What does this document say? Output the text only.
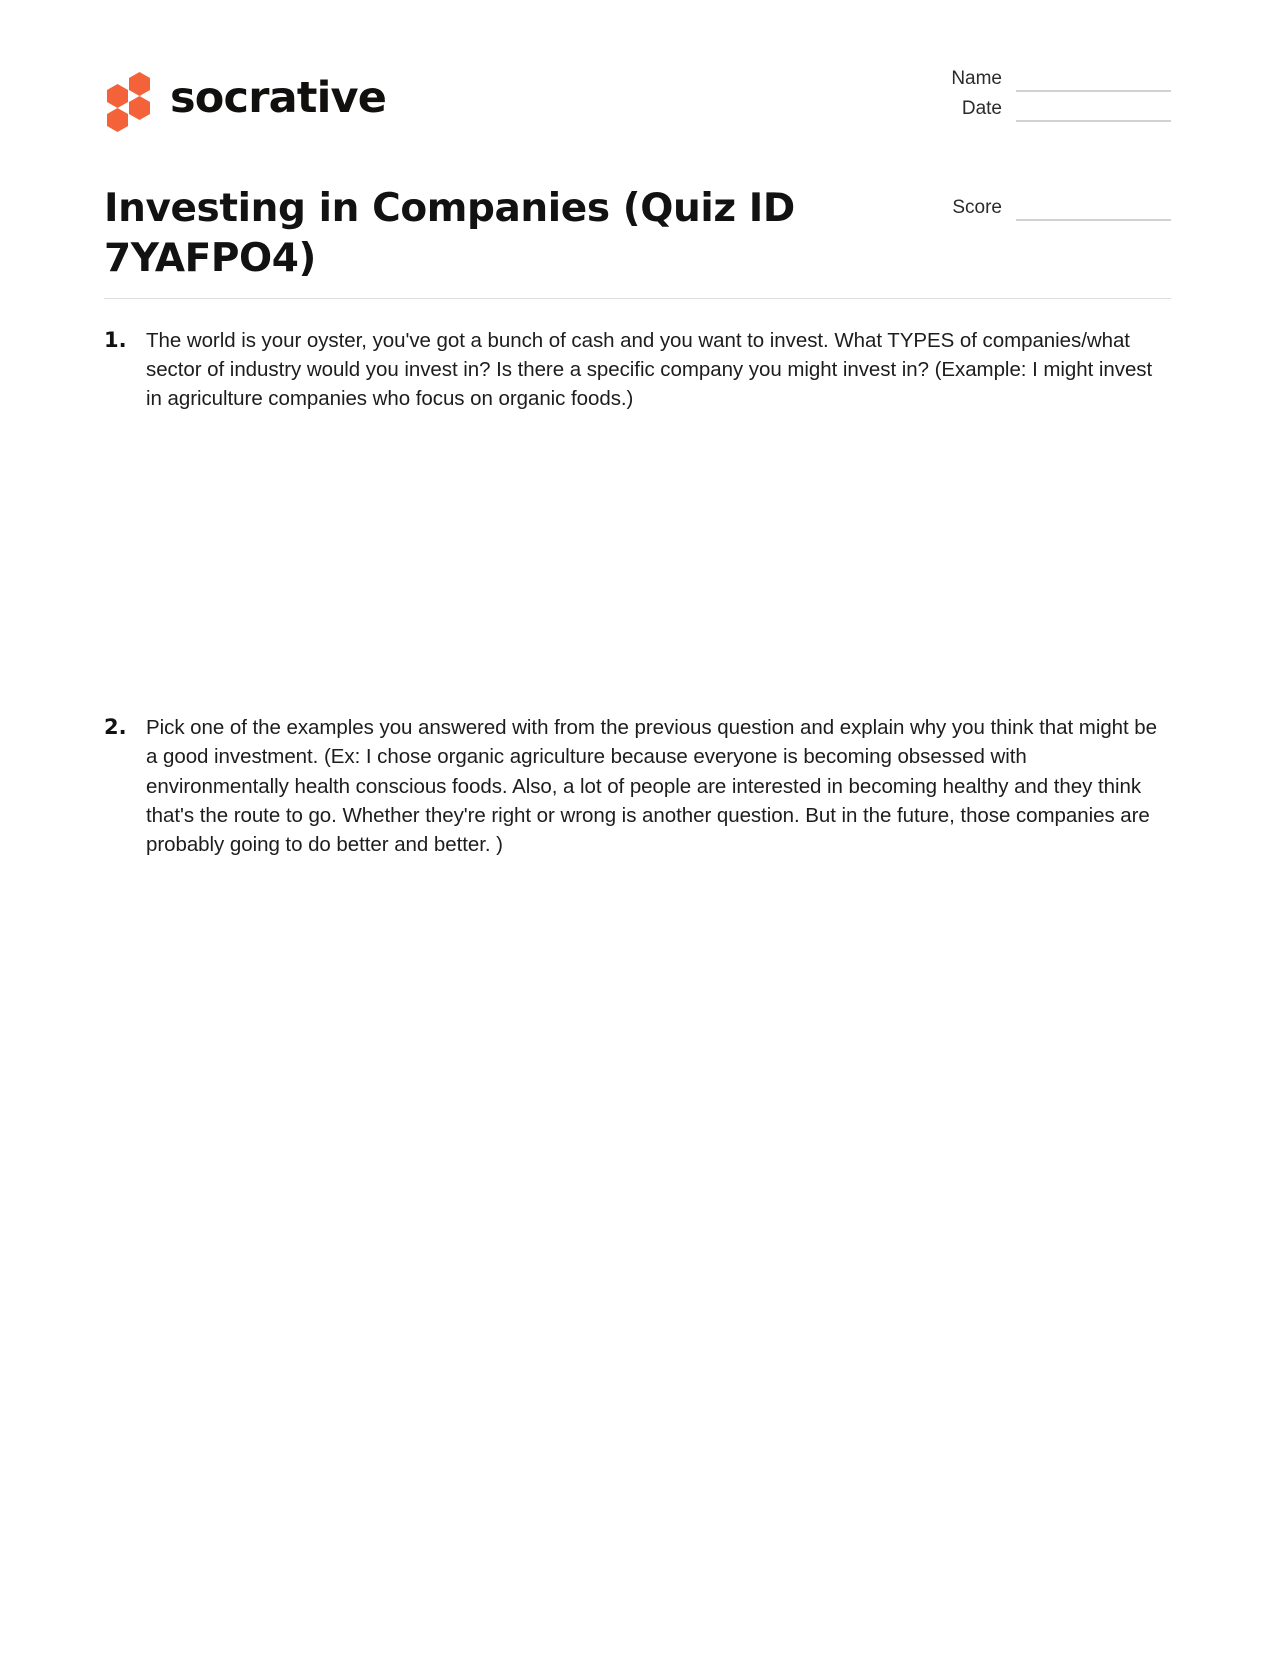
socrative	Name
Date
Score
Investing in Companies (Quiz ID 7YAFPO4)
1. The world is your oyster, you've got a bunch of cash and you want to invest. What TYPES of companies/what sector of industry would you invest in? Is there a specific company you might invest in? (Example: I might invest in agriculture companies who focus on organic foods.)
2. Pick one of the examples you answered with from the previous question and explain why you think that might be a good investment. (Ex: I chose organic agriculture because everyone is becoming obsessed with environmentally health conscious foods. Also, a lot of people are interested in becoming healthy and they think that's the route to go. Whether they're right or wrong is another question. But in the future, those companies are probably going to do better and better. )
